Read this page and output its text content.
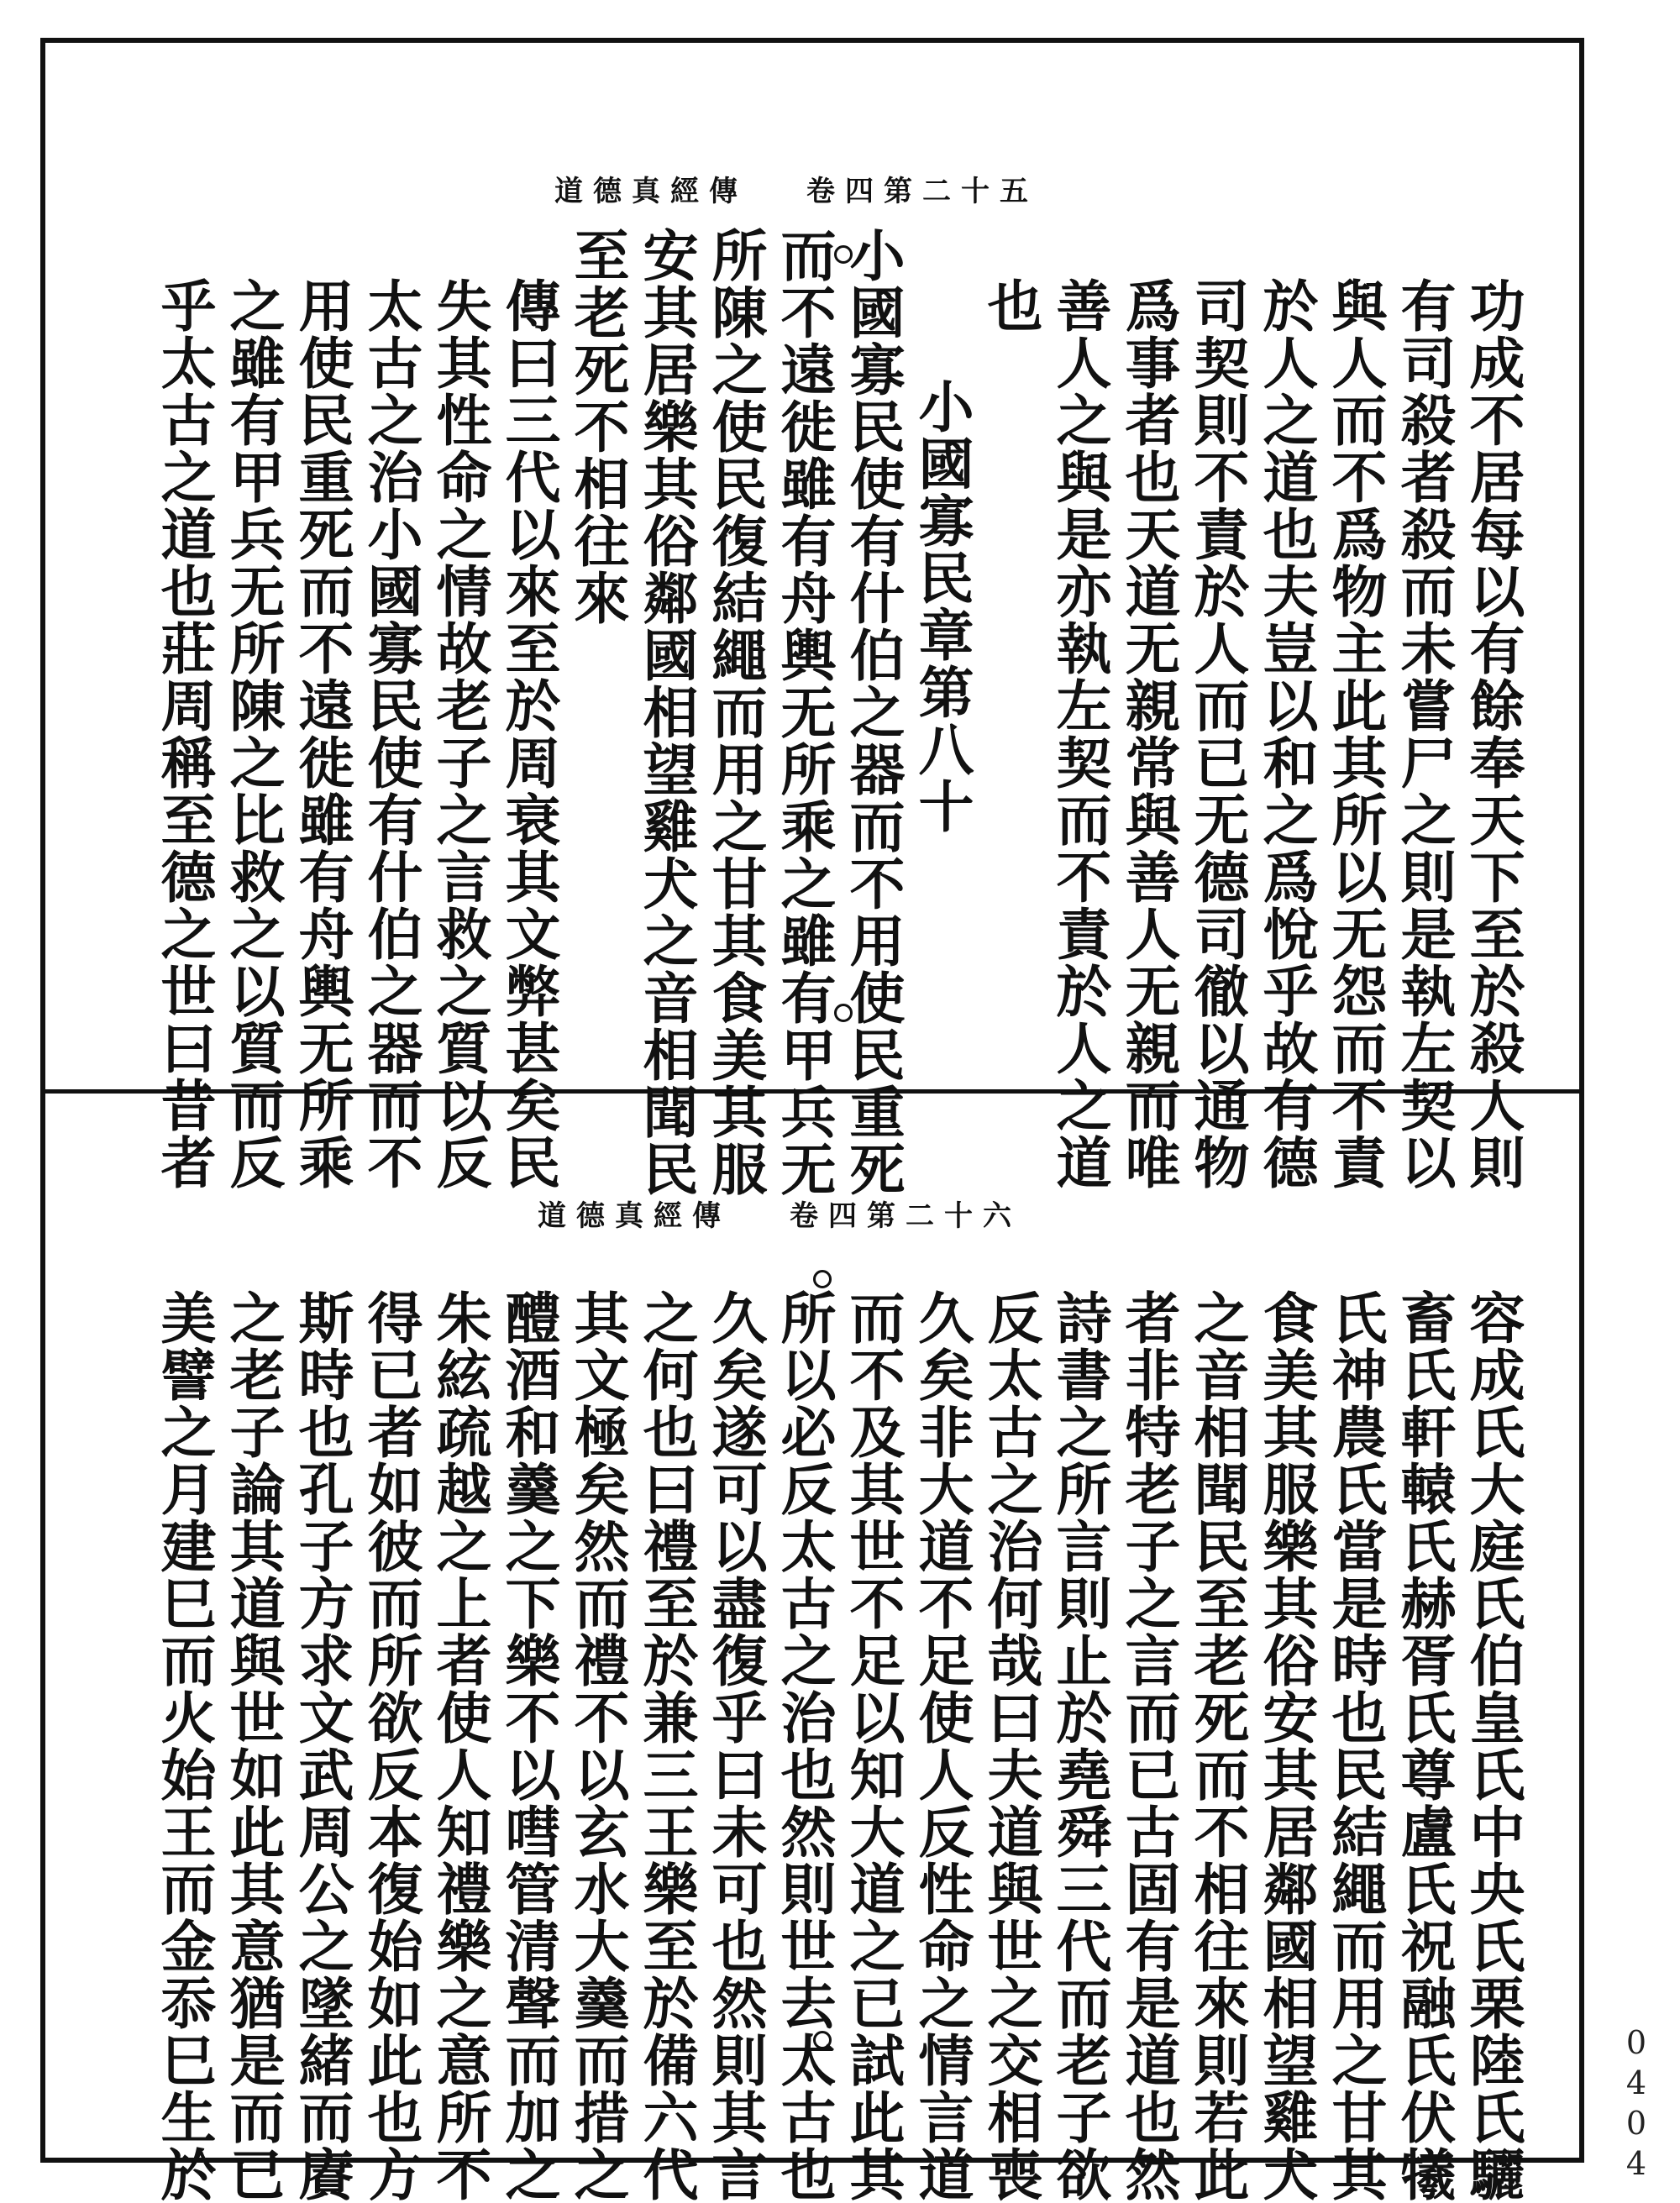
道德真經傳 卷四第二十五
功成不居每以有餘奉天下至於殺人則
有司殺者殺而未嘗尸之則是執左契以
與人而不爲物主此其所以无怨而不責
於人之道也夫豈以和之爲悅乎故有德
司契則不責於人而已无德司徹以通物
爲事者也天道无親常與善人无親而唯
善人之與是亦執左契而不責於人之道
也
小國寡民章第八十
小國寡民使有什伯之器而不用使民重死
而不遠徙雖有舟輿无所乘之雖有甲兵无
所陳之使民復結繩而用之甘其食美其服
安其居樂其俗鄰國相望雞犬之音相聞民
至老死不相往來
傳曰三代以來至於周衰其文弊甚矣民
失其性命之情故老子之言救之質以反
太古之治小國寡民使有什伯之器而不
用使民重死而不遠徙雖有舟輿无所乘
之雖有甲兵无所陳之比救之以質而反
乎太古之道也莊周稱至德之世曰昔者
道德真經傳 卷四第二十六
容成氏大庭氏伯皇氏中央氏栗陸氏驪
畜氏軒轅氏赫胥氏尊盧氏祝融氏伏犧
氏神農氏當是時也民結繩而用之甘其
食美其服樂其俗安其居鄰國相望雞犬
之音相聞民至老死而不相往來則若此
者非特老子之言而已古固有是道也然
詩書之所言則止於堯舜三代而老子欲
反太古之治何哉曰夫道與世之交相喪
久矣非大道不足使人反性命之情言道
而不及其世不足以知大道之已試此其
所以必反太古之治也然則世去太古也
久矣遂可以盡復乎曰未可也然則其言
之何也曰禮至於兼三王樂至於備六代
其文極矣然而禮不以玄水大羹而措之
醴酒和羹之下樂不以嘒管清聲而加之
朱絃疏越之上者使人知禮樂之意所不
得已者如彼而所欲反本復始如此也方
斯時也孔子方求文武周公之墜緒而賡
之老子論其道與世如此其意猶是而已
美譬之月建巳而火始王而金忝巳生於	0404
